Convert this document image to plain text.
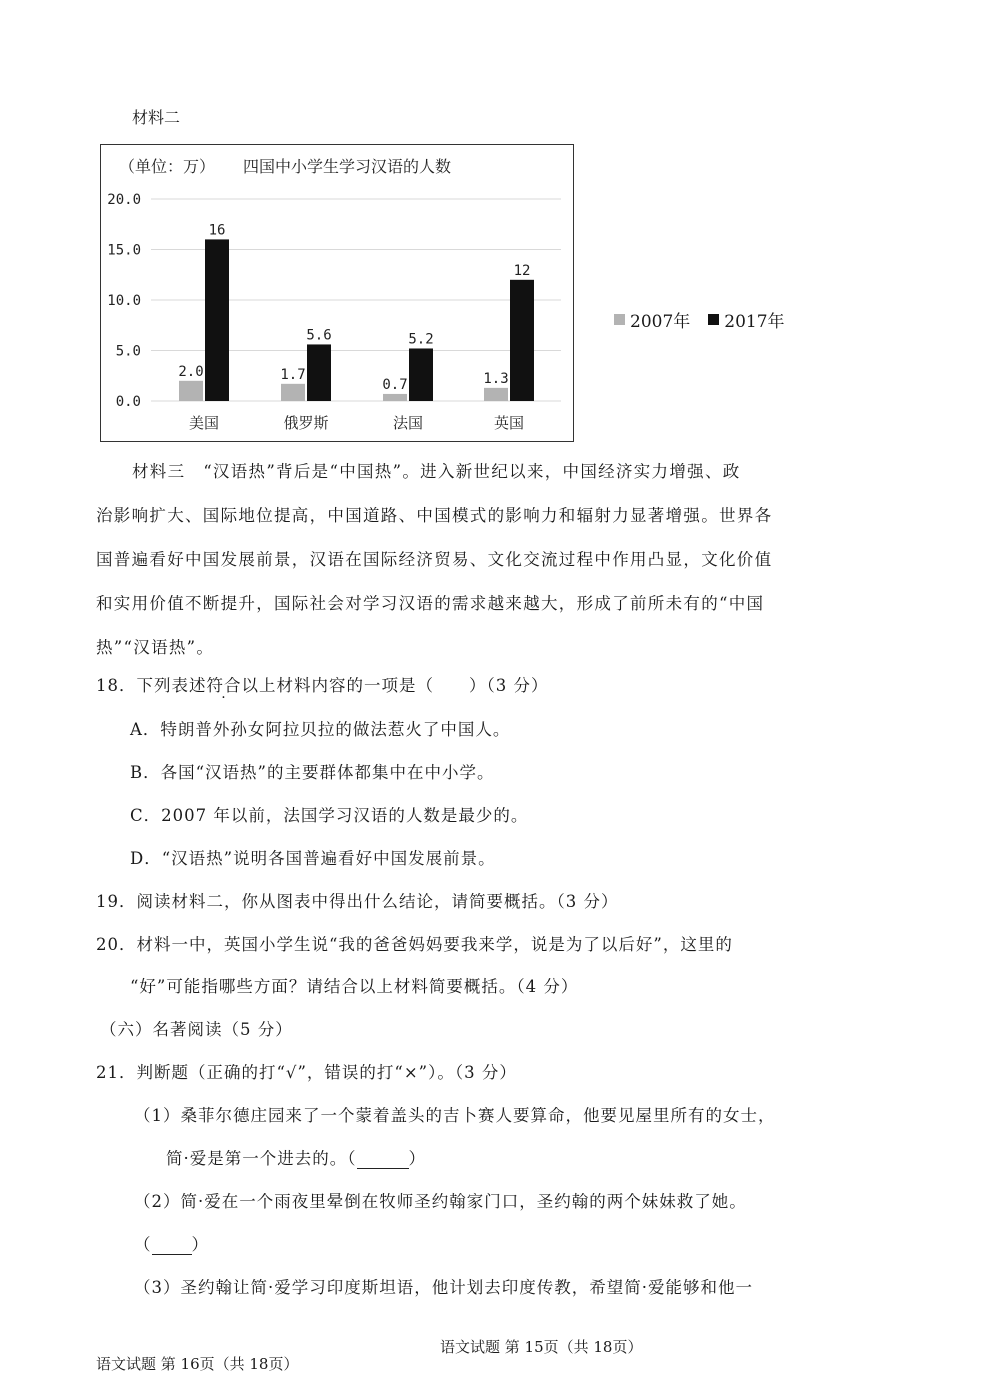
材料二
（单位：万） 四国中小学生学习汉语的人数
20.0
15.0
10.0
5.0
0.0
2.0
16
美国
1.7
5.6
俄罗斯
0.7
5.2
法国
1.3
12
英国
2007年 2017年
材料三　“汉语热”背后是“中国热”。进入新世纪以来，中国经济实力增强、政
治影响扩大、国际地位提高，中国道路、中国模式的影响力和辐射力显著增强。世界各
国普遍看好中国发展前景，汉语在国际经济贸易、文化交流过程中作用凸显，文化价值
和实用价值不断提升，国际社会对学习汉语的需求越来越大，形成了前所未有的“中国
热”“汉语热”。
18．下列表述符合以上材料内容的一项是（　　）（3 分）
A．特朗普外孙女阿拉贝拉的做法惹火了中国人。
B．各国“汉语热”的主要群体都集中在中小学。
C．2007 年以前，法国学习汉语的人数是最少的。
D．“汉语热”说明各国普遍看好中国发展前景。
19．阅读材料二，你从图表中得出什么结论，请简要概括。（3 分）
20．材料一中，英国小学生说“我的爸爸妈妈要我来学，说是为了以后好”，这里的
“好”可能指哪些方面？请结合以上材料简要概括。（4 分）
（六）名著阅读（5 分）
21．判断题（正确的打“√”，错误的打“×”）。（3 分）
（1）桑菲尔德庄园来了一个蒙着盖头的吉卜赛人要算命，他要见屋里所有的女士，
简·爱是第一个进去的。（	）
（2）简·爱在一个雨夜里晕倒在牧师圣约翰家门口，圣约翰的两个妹妹救了她。
（ ）
（3）圣约翰让简·爱学习印度斯坦语，他计划去印度传教，希望简·爱能够和他一
语文试题 第 15页（共 18页）
语文试题 第 16页（共 18页）
